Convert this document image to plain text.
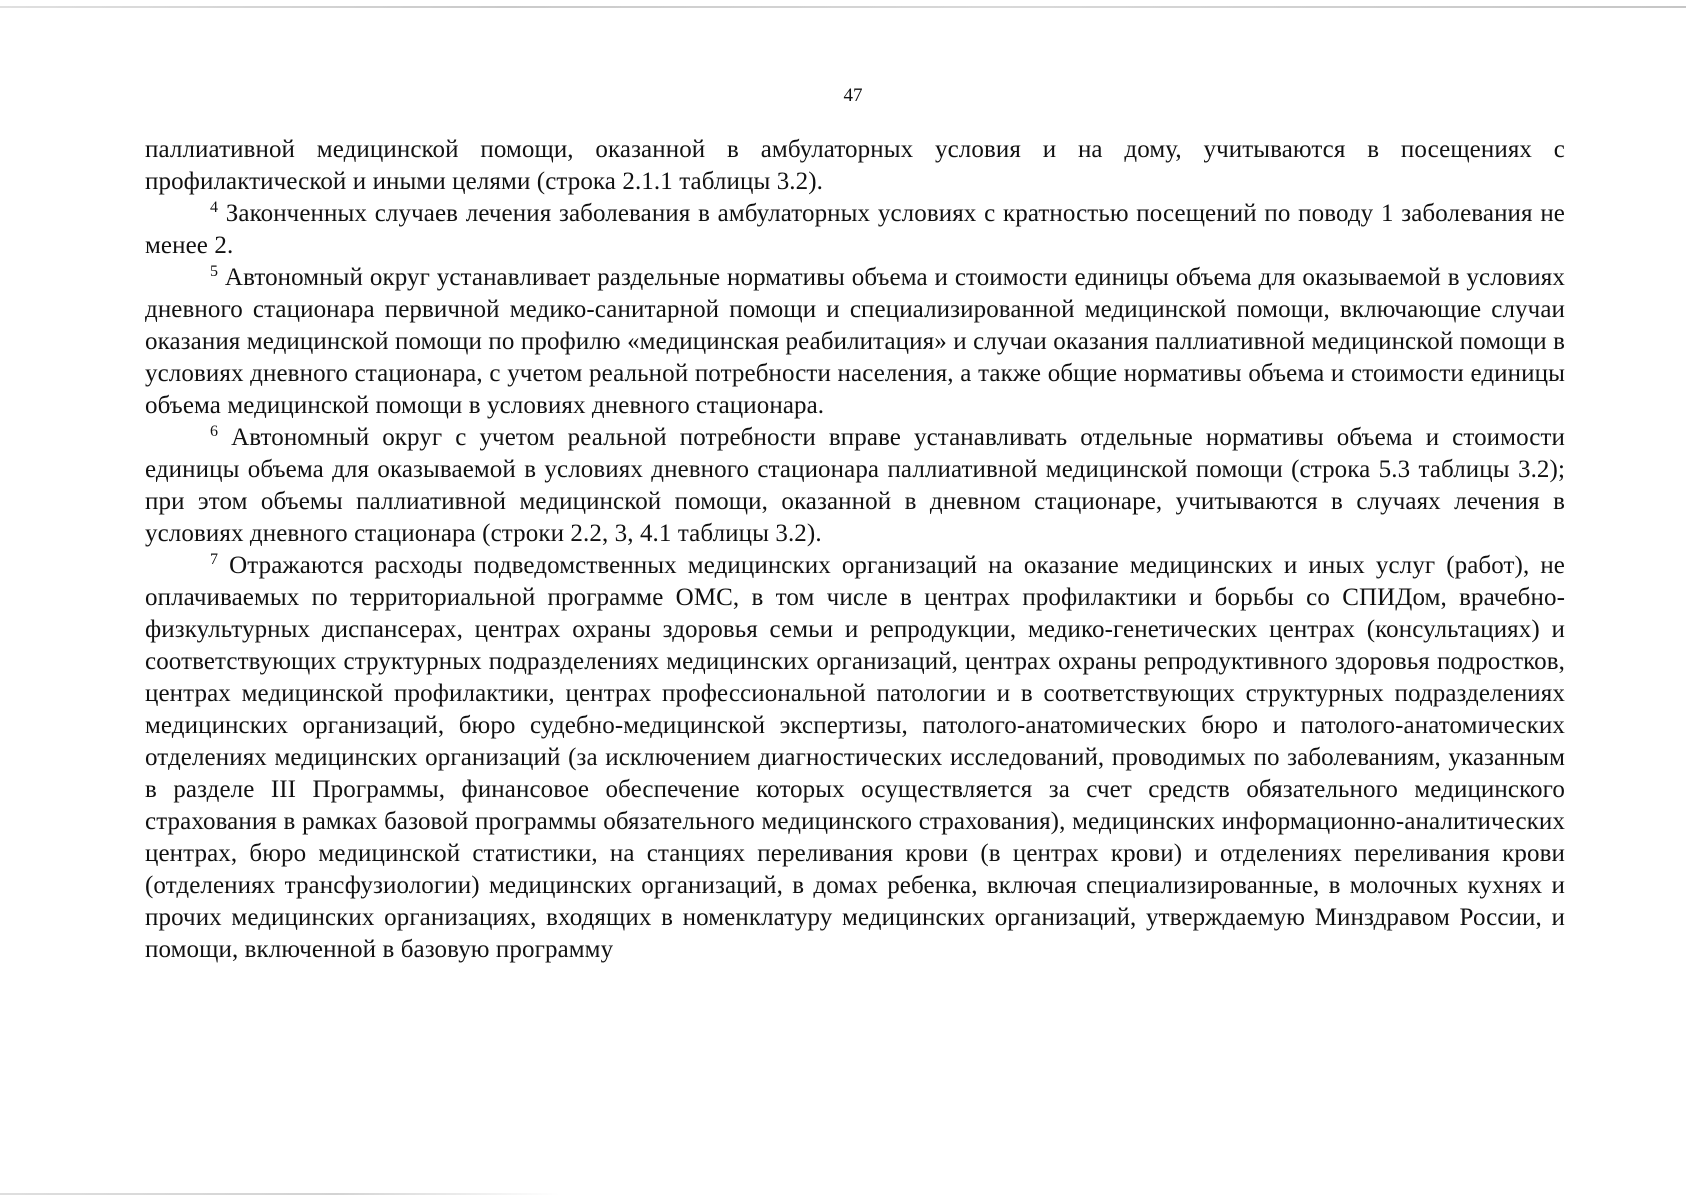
47

паллиативной медицинской помощи, оказанной в амбулаторных условия и на дому, учитываются в посещениях с профилактической и иными целями (строка 2.1.1 таблицы 3.2).

$^4$ Законченных случаев лечения заболевания в амбулаторных условиях с кратностью посещений по поводу 1 заболевания не менее 2.

$^5$ Автономный округ устанавливает раздельные нормативы объема и стоимости единицы объема для оказываемой в условиях дневного стационара первичной медико-санитарной помощи и специализированной медицинской помощи, включающие случаи оказания медицинской помощи по профилю «медицинская реабилитация» и случаи оказания паллиативной медицинской помощи в условиях дневного стационара, с учетом реальной потребности населения, а также общие нормативы объема и стоимости единицы объема медицинской помощи в условиях дневного стационара.

$^6$ Автономный округ с учетом реальной потребности вправе устанавливать отдельные нормативы объема и стоимости единицы объема для оказываемой в условиях дневного стационара паллиативной медицинской помощи (строка 5.3 таблицы 3.2); при этом объемы паллиативной медицинской помощи, оказанной в дневном стационаре, учитываются в случаях лечения в условиях дневного стационара (строки 2.2, 3, 4.1 таблицы 3.2).

$^7$ Отражаются расходы подведомственных медицинских организаций на оказание медицинских и иных услуг (работ), не оплачиваемых по территориальной программе ОМС, в том числе в центрах профилактики и борьбы со СПИДом, врачебно-физкультурных диспансерах, центрах охраны здоровья семьи и репродукции, медико-генетических центрах (консультациях) и соответствующих структурных подразделениях медицинских организаций, центрах охраны репродуктивного здоровья подростков, центрах медицинской профилактики, центрах профессиональной патологии и в соответствующих структурных подразделениях медицинских организаций, бюро судебно-медицинской экспертизы, патолого-анатомических бюро и патолого-анатомических отделениях медицинских организаций (за исключением диагностических исследований, проводимых по заболеваниям, указанным в разделе III Программы, финансовое обеспечение которых осуществляется за счет средств обязательного медицинского страхования в рамках базовой программы обязательного медицинского страхования), медицинских информационно-аналитических центрах, бюро медицинской статистики, на станциях переливания крови (в центрах крови) и отделениях переливания крови (отделениях трансфузиологии) медицинских организаций, в домах ребенка, включая специализированные, в молочных кухнях и прочих медицинских организациях, входящих в номенклатуру медицинских организаций, утверждаемую Минздравом России, и помощи, включенной в базовую программу
